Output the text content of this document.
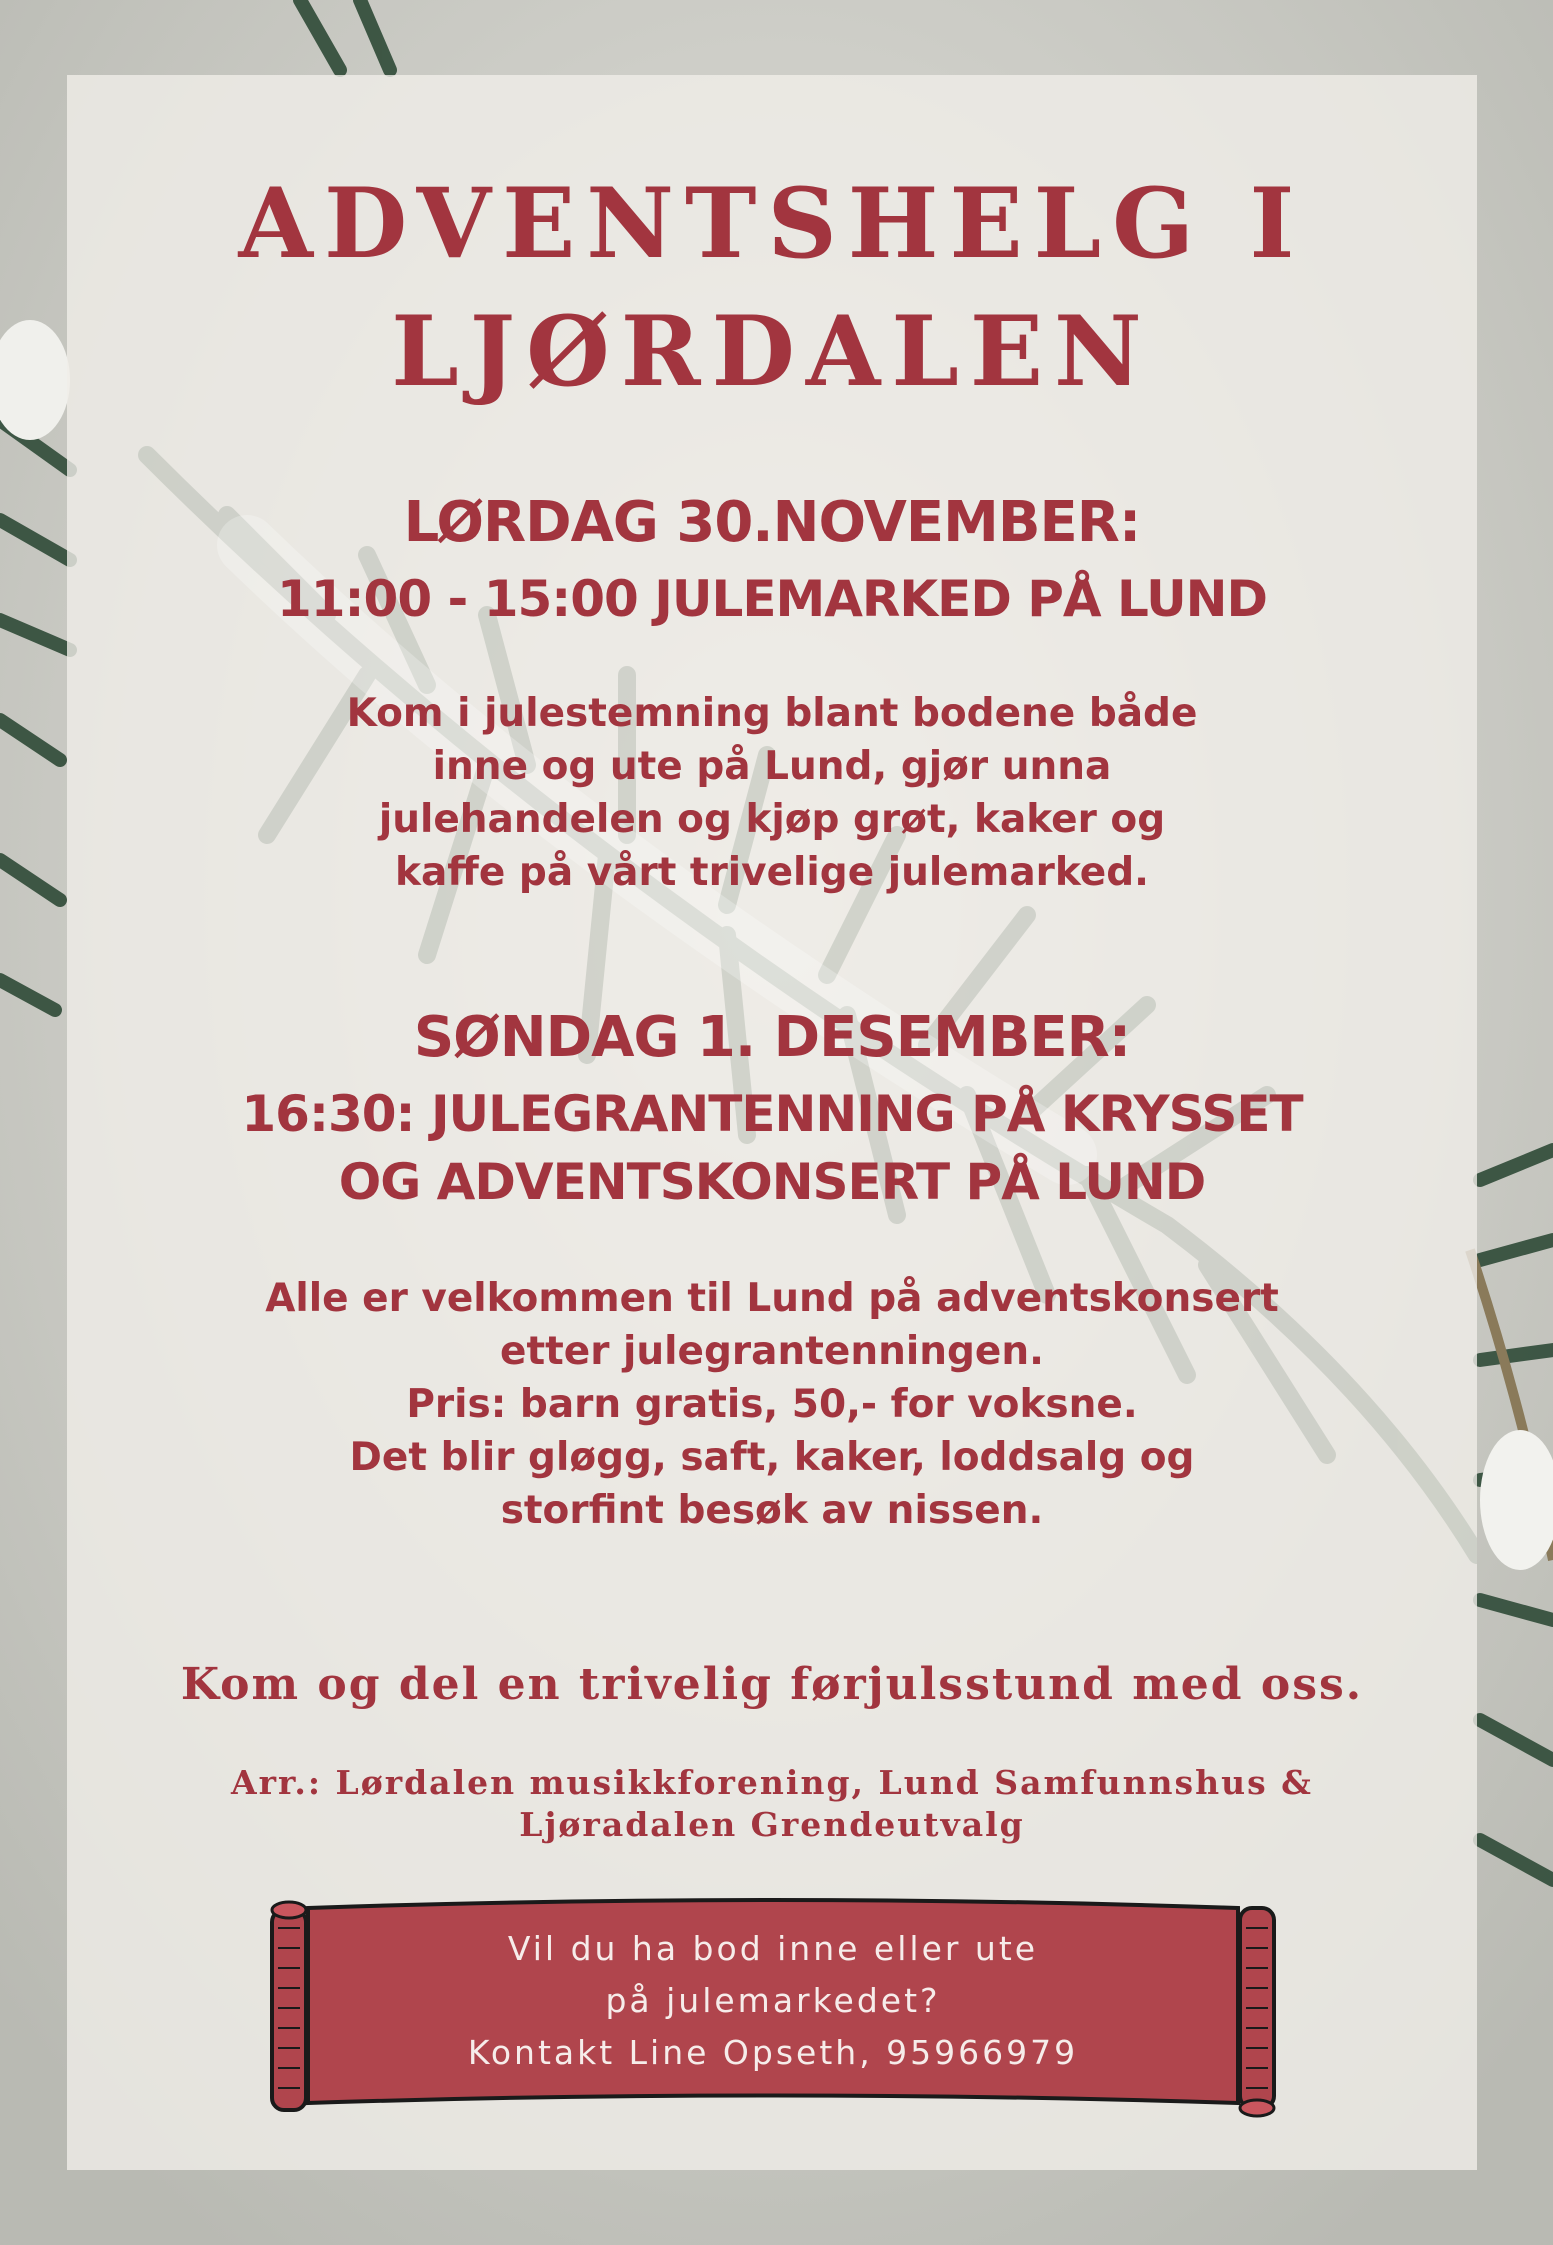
ADVENTSHELG I
LJØRDALEN
LØRDAG 30.NOVEMBER:
11:00 - 15:00 JULEMARKED PÅ LUND

Kom i julestemning blant bodene både
inne og ute på Lund, gjør unna
julehandelen og kjøp grøt, kaker og
kaffe på vårt trivelige julemarked.

SØNDAG 1. DESEMBER:
16:30: JULEGRANTENNING PÅ KRYSSET
OG ADVENTSKONSERT PÅ LUND

Alle er velkommen til Lund på adventskonsert
etter julegrantenningen.
Pris: barn gratis, 50,- for voksne.
Det blir gløgg, saft, kaker, loddsalg og
storfint besøk av nissen.

Kom og del en trivelig førjulsstund med oss.

Arr.: Lørdalen musikkforening, Lund Samfunnshus &
Ljøradalen Grendeutvalg

Vil du ha bod inne eller ute
på julemarkedet?
Kontakt Line Opseth, 95966979
